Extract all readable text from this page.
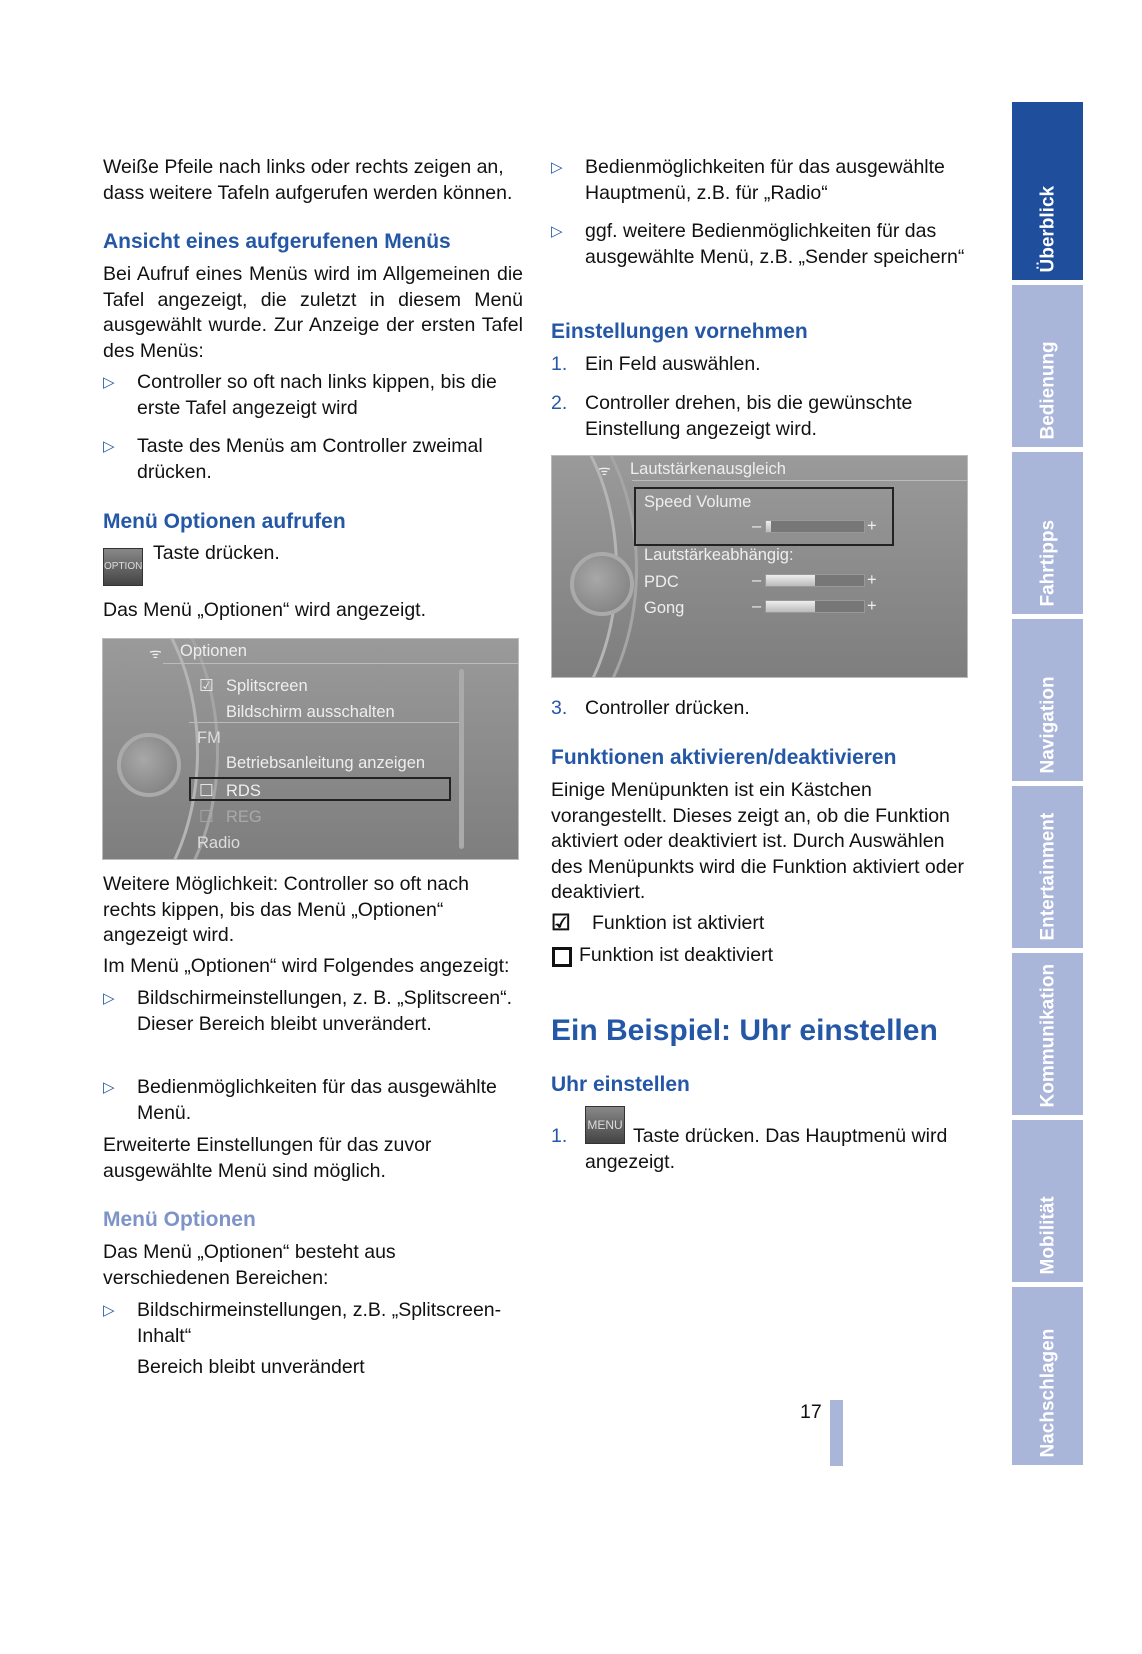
Weiße Pfeile nach links oder rechts zeigen an, dass weitere Tafeln aufgerufen werden können.
Ansicht eines aufgerufenen Menüs
Bei Aufruf eines Menüs wird im Allgemeinen die Tafel angezeigt, die zuletzt in diesem Menü ausgewählt wurde. Zur Anzeige der ersten Tafel des Menüs:
▷ Controller so oft nach links kippen, bis die erste Tafel angezeigt wird
▷ Taste des Menüs am Controller zweimal drücken.
Menü Optionen aufrufen
OPTION
Taste drücken.
Das Menü „Optionen“ wird angezeigt.
ᯤ Optionen
☑ Splitscreen
Bildschirm ausschalten
FM
Betriebsanleitung anzeigen
☐ RDS
☐ REG
Radio
Weitere Möglichkeit: Controller so oft nach rechts kippen, bis das Menü „Optionen“ angezeigt wird.
Im Menü „Optionen“ wird Folgendes angezeigt:
▷ Bildschirmeinstellungen, z. B. „Splitscreen“. Dieser Bereich bleibt unverändert.
▷ Bedienmöglichkeiten für das ausgewählte Menü.
Erweiterte Einstellungen für das zuvor ausgewählte Menü sind möglich.
Menü Optionen
Das Menü „Optionen“ besteht aus verschiedenen Bereichen:
▷ Bildschirmeinstellungen, z.B. „Splitscreen-Inhalt“
Bereich bleibt unverändert
▷ Bedienmöglichkeiten für das ausgewählte Hauptmenü, z.B. für „Radio“
▷ ggf. weitere Bedienmöglichkeiten für das ausgewählte Menü, z.B. „Sender speichern“
Einstellungen vornehmen
1. Ein Feld auswählen.
2. Controller drehen, bis die gewünschte Einstellung angezeigt wird.
ᯤ Lautstärkenausgleich
Speed Volume
–	+
Lautstärkeabhängig:
PDC	–	+
Gong	–	+
3. Controller drücken.
Funktionen aktivieren/deaktivieren
Einige Menüpunkten ist ein Kästchen vorangestellt. Dieses zeigt an, ob die Funktion aktiviert oder deaktiviert ist. Durch Auswählen des Menüpunkts wird die Funktion aktiviert oder deaktiviert.
☑ Funktion ist aktiviert
Funktion ist deaktiviert
Ein Beispiel: Uhr einstellen
Uhr einstellen
1. MENU Taste drücken. Das Hauptmenü wird angezeigt.
17
Überblick
Bedienung
Fahrtipps
Navigation
Entertainment
Kommunikation
Mobilität
Nachschlagen
